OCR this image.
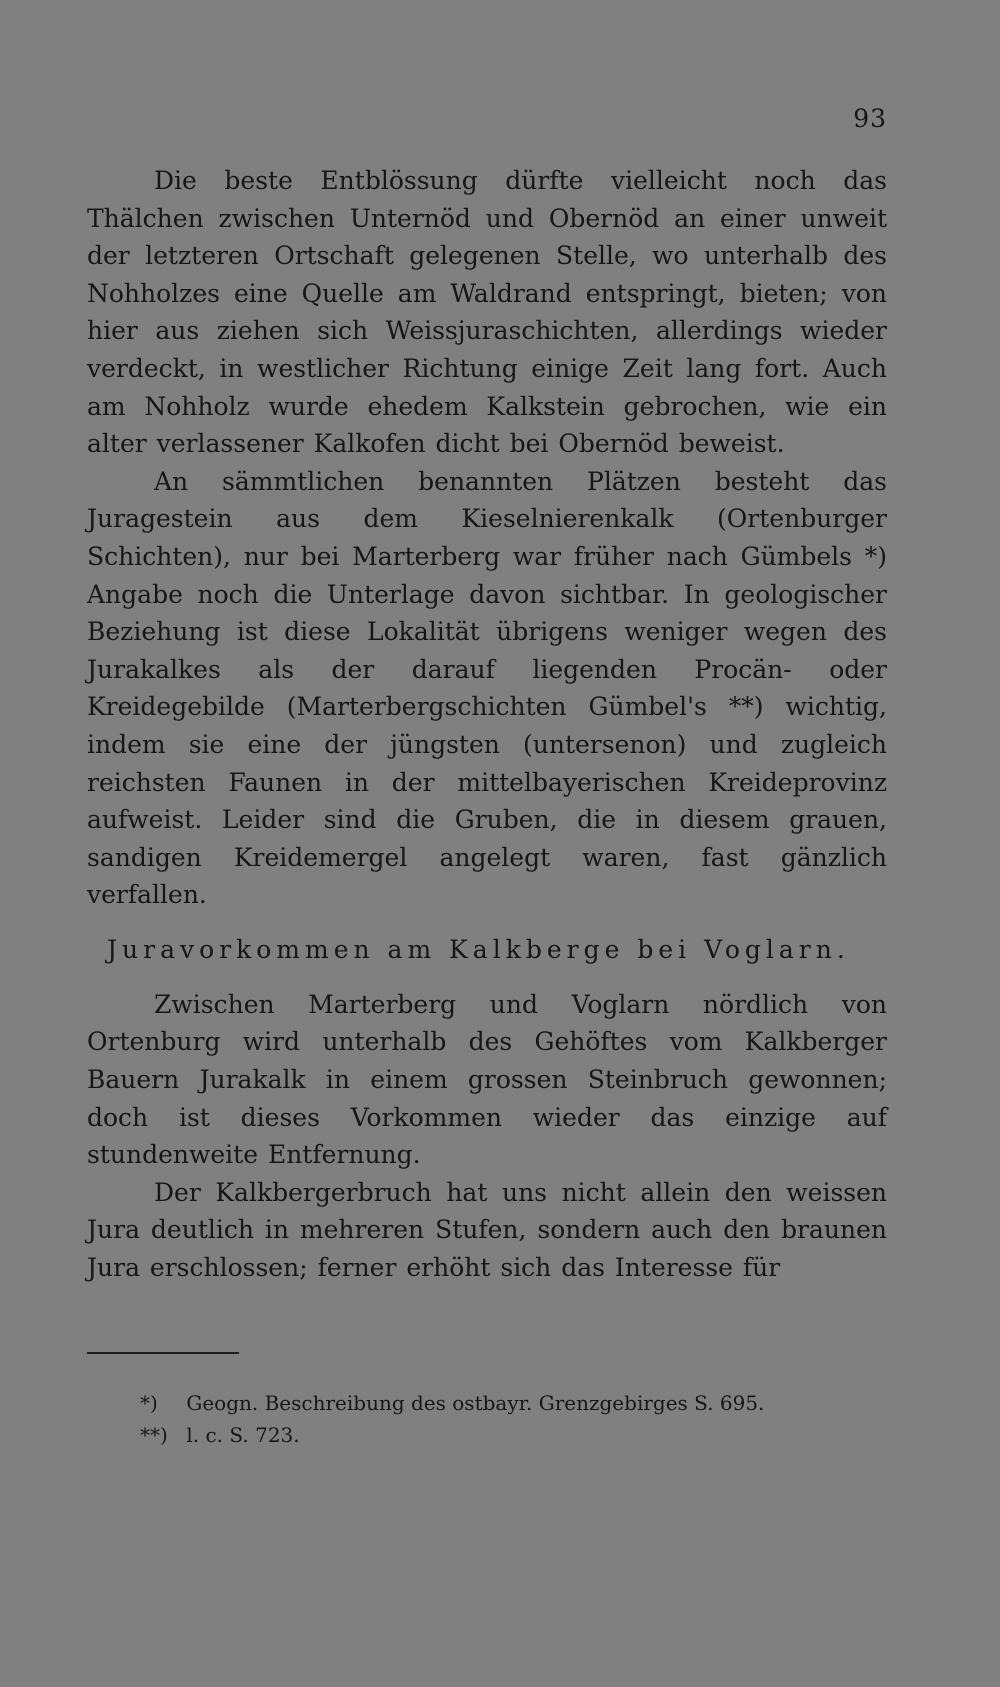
93

Die beste Entblössung dürfte vielleicht noch das Thälchen zwischen Unternöd und Obernöd an einer unweit der letzteren Ortschaft gelegenen Stelle, wo unterhalb des Nohholzes eine Quelle am Waldrand entspringt, bieten; von hier aus ziehen sich Weissjuraschichten, allerdings wieder verdeckt, in westlicher Richtung einige Zeit lang fort. Auch am Nohholz wurde ehedem Kalkstein gebrochen, wie ein alter verlassener Kalkofen dicht bei Obernöd beweist.

An sämmtlichen benannten Plätzen besteht das Juragestein aus dem Kieselnierenkalk (Ortenburger Schichten), nur bei Marterberg war früher nach Gümbels *) Angabe noch die Unterlage davon sichtbar. In geologischer Beziehung ist diese Lokalität übrigens weniger wegen des Jurakalkes als der darauf liegenden Procän- oder Kreidegebilde (Marterbergschichten Gümbel's **) wichtig, indem sie eine der jüngsten (untersenon) und zugleich reichsten Faunen in der mittelbayerischen Kreideprovinz aufweist. Leider sind die Gruben, die in diesem grauen, sandigen Kreidemergel angelegt waren, fast gänzlich verfallen.

Juravorkommen am Kalkberge bei Voglarn.

Zwischen Marterberg und Voglarn nördlich von Ortenburg wird unterhalb des Gehöftes vom Kalkberger Bauern Jurakalk in einem grossen Steinbruch gewonnen; doch ist dieses Vorkommen wieder das einzige auf stundenweite Entfernung.

Der Kalkbergerbruch hat uns nicht allein den weissen Jura deutlich in mehreren Stufen, sondern auch den braunen Jura erschlossen; ferner erhöht sich das Interesse für

*) Geogn. Beschreibung des ostbayr. Grenzgebirges S. 695.

**) l. c. S. 723.
